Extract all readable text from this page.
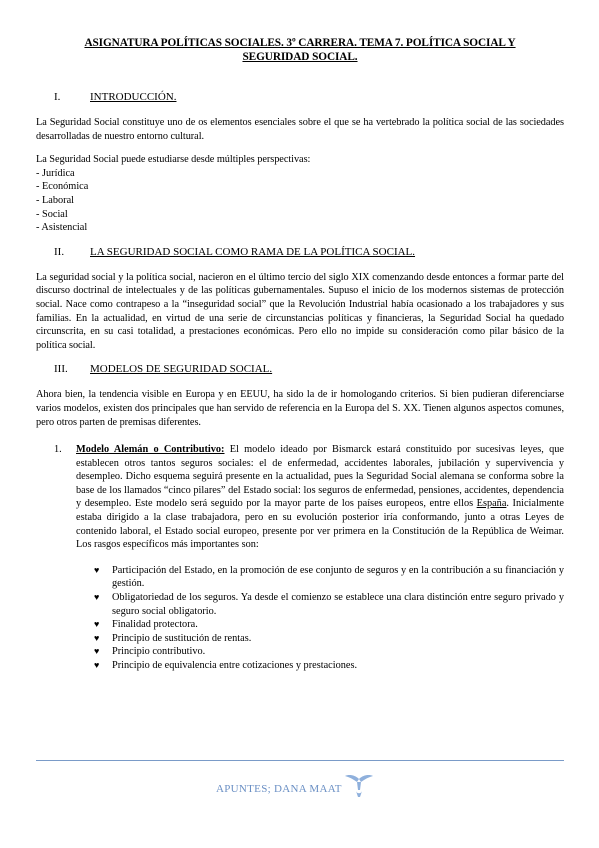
ASIGNATURA POLÍTICAS SOCIALES. 3º CARRERA. TEMA 7. POLÍTICA SOCIAL Y
SEGURIDAD SOCIAL.
I.	INTRODUCCIÓN.

La Seguridad Social constituye uno de os elementos esenciales sobre el que se ha vertebrado la política social de las sociedades desarrolladas de nuestro entorno cultural.

La Seguridad Social puede estudiarse desde múltiples perspectivas:

- Jurídica
- Económica
- Laboral
- Social
- Asistencial
II. LA SEGURIDAD SOCIAL COMO RAMA DE LA POLÍTICA SOCIAL.

La seguridad social y la política social, nacieron en el último tercio del siglo XIX comenzando desde entonces a formar parte del discurso doctrinal de intelectuales y de las políticas gubernamentales. Supuso el inicio de los modernos sistemas de protección social. Nace como contrapeso a la “inseguridad social” que la Revolución Industrial había ocasionado a los trabajadores y sus familias. En la actualidad, en virtud de una serie de circunstancias políticas y financieras, la Seguridad Social ha quedado circunscrita, en su casi totalidad, a prestaciones económicas. Pero ello no impide su consideración como pilar básico de la política social.

III. MODELOS DE SEGURIDAD SOCIAL.

Ahora bien, la tendencia visible en Europa y en EEUU, ha sido la de ir homologando criterios. Si bien pudieran diferenciarse varios modelos, existen dos principales que han servido de referencia en la Europa del S. XX. Tienen algunos aspectos comunes, pero otros parten de premisas diferentes.

1. Modelo Alemán o Contributivo: El modelo ideado por Bismarck estará constituido por sucesivas leyes, que establecen otros tantos seguros sociales: el de enfermedad, accidentes laborales, jubilación y supervivencia y desempleo. Dicho esquema seguirá presente en la actualidad, pues la Seguridad Social alemana se conforma sobre la base de los llamados “cinco pilares” del Estado social: los seguros de enfermedad, pensiones, accidentes, dependencia y desempleo. Este modelo será seguido por la mayor parte de los países europeos, entre ellos España. Inicialmente estaba dirigido a la clase trabajadora, pero en su evolución posterior iría conformando, junto a otras Leyes de contenido laboral, el Estado social europeo, presente por ver primera en la Constitución de la República de Weimar. Los rasgos específicos más importantes son:
♥ Participación del Estado, en la promoción de ese conjunto de seguros y en la contribución a su financiación y gestión.
♥ Obligatoriedad de los seguros. Ya desde el comienzo se establece una clara distinción entre seguro privado y seguro social obligatorio.
♥ Finalidad protectora.
♥ Principio de sustitución de rentas.
♥ Principio contributivo.
♥ Principio de equivalencia entre cotizaciones y prestaciones.
APUNTES; DANA MAAT
